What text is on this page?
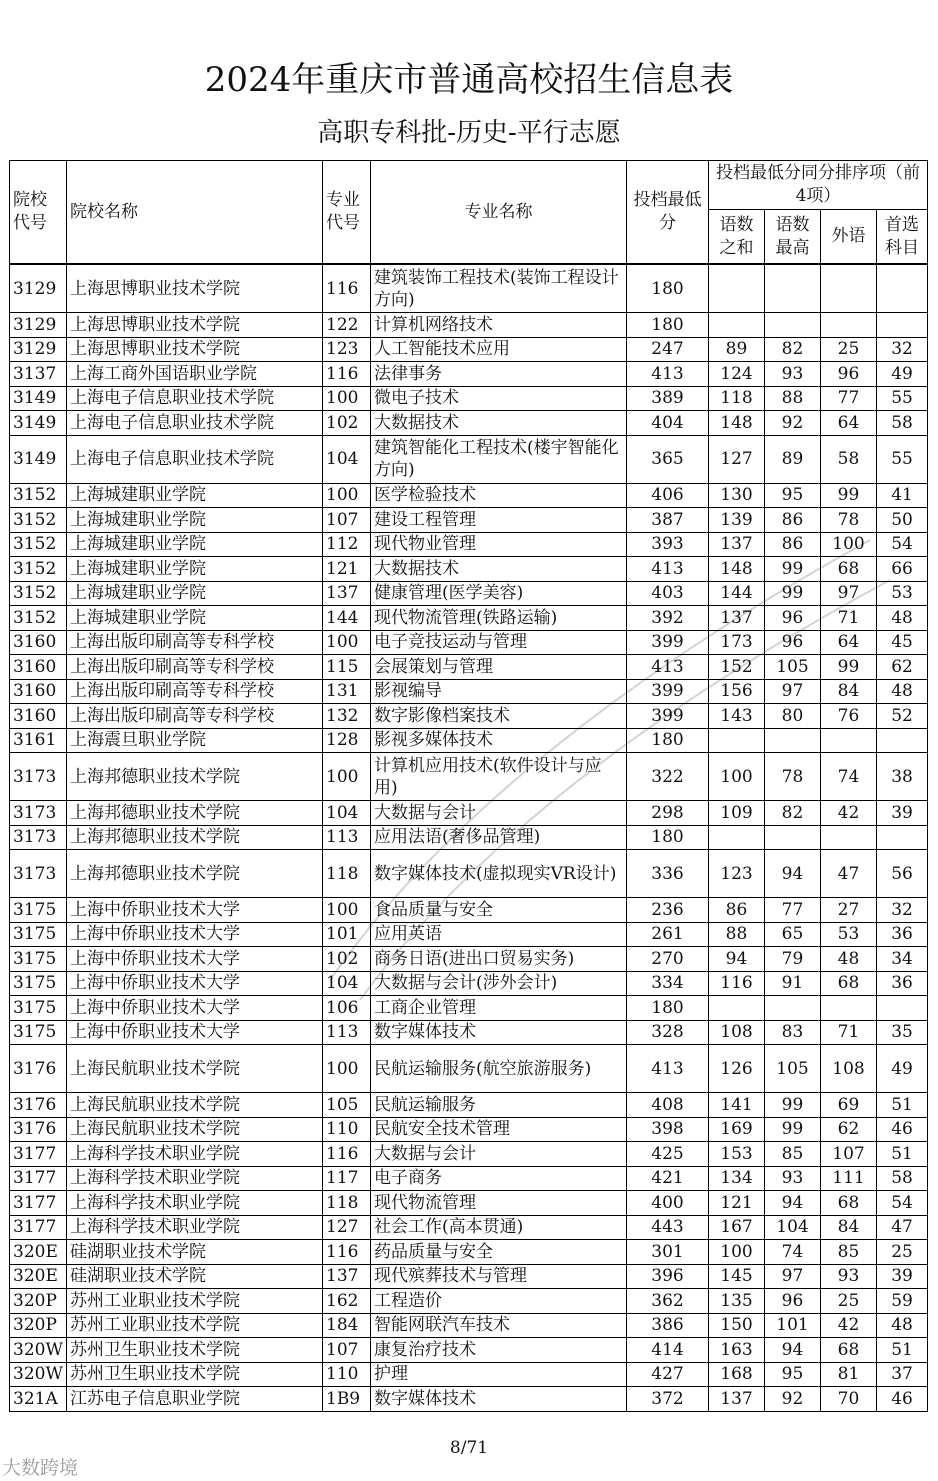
2024年重庆市普通高校招生信息表
高职专科批-历史-平行志愿
院校代号	院校名称	专业代号	专业名称	投档最低分	投档最低分同分排序项（前4项）			
					语数之和	语数最高	外语	首选科目
3129	上海思博职业技术学院	116	建筑装饰工程技术(装饰工程设计方向)	180				
3129	上海思博职业技术学院	122	计算机网络技术	180				
3129	上海思博职业技术学院	123	人工智能技术应用	247	89	82	25	32
3137	上海工商外国语职业学院	116	法律事务	413	124	93	96	49
3149	上海电子信息职业技术学院	100	微电子技术	389	118	88	77	55
3149	上海电子信息职业技术学院	102	大数据技术	404	148	92	64	58
3149	上海电子信息职业技术学院	104	建筑智能化工程技术(楼宇智能化方向)	365	127	89	58	55
3152	上海城建职业学院	100	医学检验技术	406	130	95	99	41
3152	上海城建职业学院	107	建设工程管理	387	139	86	78	50
3152	上海城建职业学院	112	现代物业管理	393	137	86	100	54
3152	上海城建职业学院	121	大数据技术	413	148	99	68	66
3152	上海城建职业学院	137	健康管理(医学美容)	403	144	99	97	53
3152	上海城建职业学院	144	现代物流管理(铁路运输)	392	137	96	71	48
3160	上海出版印刷高等专科学校	100	电子竞技运动与管理	399	173	96	64	45
3160	上海出版印刷高等专科学校	115	会展策划与管理	413	152	105	99	62
3160	上海出版印刷高等专科学校	131	影视编导	399	156	97	84	48
3160	上海出版印刷高等专科学校	132	数字影像档案技术	399	143	80	76	52
3161	上海震旦职业学院	128	影视多媒体技术	180				
3173	上海邦德职业技术学院	100	计算机应用技术(软件设计与应用)	322	100	78	74	38
3173	上海邦德职业技术学院	104	大数据与会计	298	109	82	42	39
3173	上海邦德职业技术学院	113	应用法语(奢侈品管理)	180				
3173	上海邦德职业技术学院	118	数字媒体技术(虚拟现实VR设计)	336	123	94	47	56
3175	上海中侨职业技术大学	100	食品质量与安全	236	86	77	27	32
3175	上海中侨职业技术大学	101	应用英语	261	88	65	53	36
3175	上海中侨职业技术大学	102	商务日语(进出口贸易实务)	270	94	79	48	34
3175	上海中侨职业技术大学	104	大数据与会计(涉外会计)	334	116	91	68	36
3175	上海中侨职业技术大学	106	工商企业管理	180				
3175	上海中侨职业技术大学	113	数字媒体技术	328	108	83	71	35
3176	上海民航职业技术学院	100	民航运输服务(航空旅游服务)	413	126	105	108	49
3176	上海民航职业技术学院	105	民航运输服务	408	141	99	69	51
3176	上海民航职业技术学院	110	民航安全技术管理	398	169	99	62	46
3177	上海科学技术职业学院	116	大数据与会计	425	153	85	107	51
3177	上海科学技术职业学院	117	电子商务	421	134	93	111	58
3177	上海科学技术职业学院	118	现代物流管理	400	121	94	68	54
3177	上海科学技术职业学院	127	社会工作(高本贯通)	443	167	104	84	47
320E	硅湖职业技术学院	116	药品质量与安全	301	100	74	85	25
320E	硅湖职业技术学院	137	现代殡葬技术与管理	396	145	97	93	39
320P	苏州工业职业技术学院	162	工程造价	362	135	96	25	59
320P	苏州工业职业技术学院	184	智能网联汽车技术	386	150	101	42	48
320W	苏州卫生职业技术学院	107	康复治疗技术	414	163	94	68	51
320W	苏州卫生职业技术学院	110	护理	427	168	95	81	37
321A	江苏电子信息职业学院	1B9	数字媒体技术	372	137	92	70	46
8/71
大数跨境
